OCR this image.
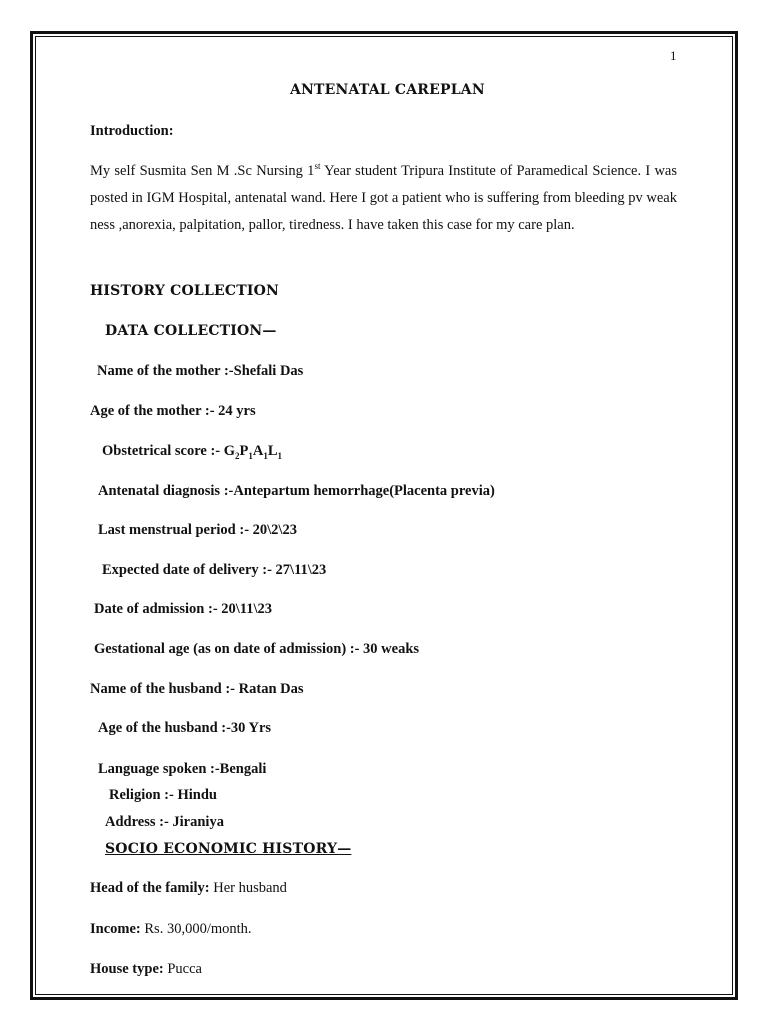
1
ANTENATAL CAREPLAN
Introduction:
My self Susmita Sen M .Sc Nursing 1st Year student Tripura Institute of Paramedical Science. I was posted in IGM Hospital, antenatal wand. Here I got a patient who is suffering from bleeding pv weak ness ,anorexia, palpitation, pallor, tiredness. I have taken this case for my care plan.
HISTORY COLLECTION
DATA COLLECTION—
Name of the mother :-Shefali Das
Age of the mother :- 24 yrs
Obstetrical score :- $G_2P_1A_1L_1$
Antenatal diagnosis :-Antepartum hemorrhage(Placenta previa)
Last menstrual period :- 20\2\23
Expected date of delivery :- 27\11\23
Date of admission :- 20\11\23
Gestational age (as on date of admission) :- 30 weaks
Name of the husband :- Ratan Das
Age of the husband :-30 Yrs
Language spoken :-Bengali
Religion :- Hindu
Address :- Jiraniya
SOCIO ECONOMIC HISTORY—
Head of the family: Her husband
Income: Rs. 30,000/month.
House type: Pucca
